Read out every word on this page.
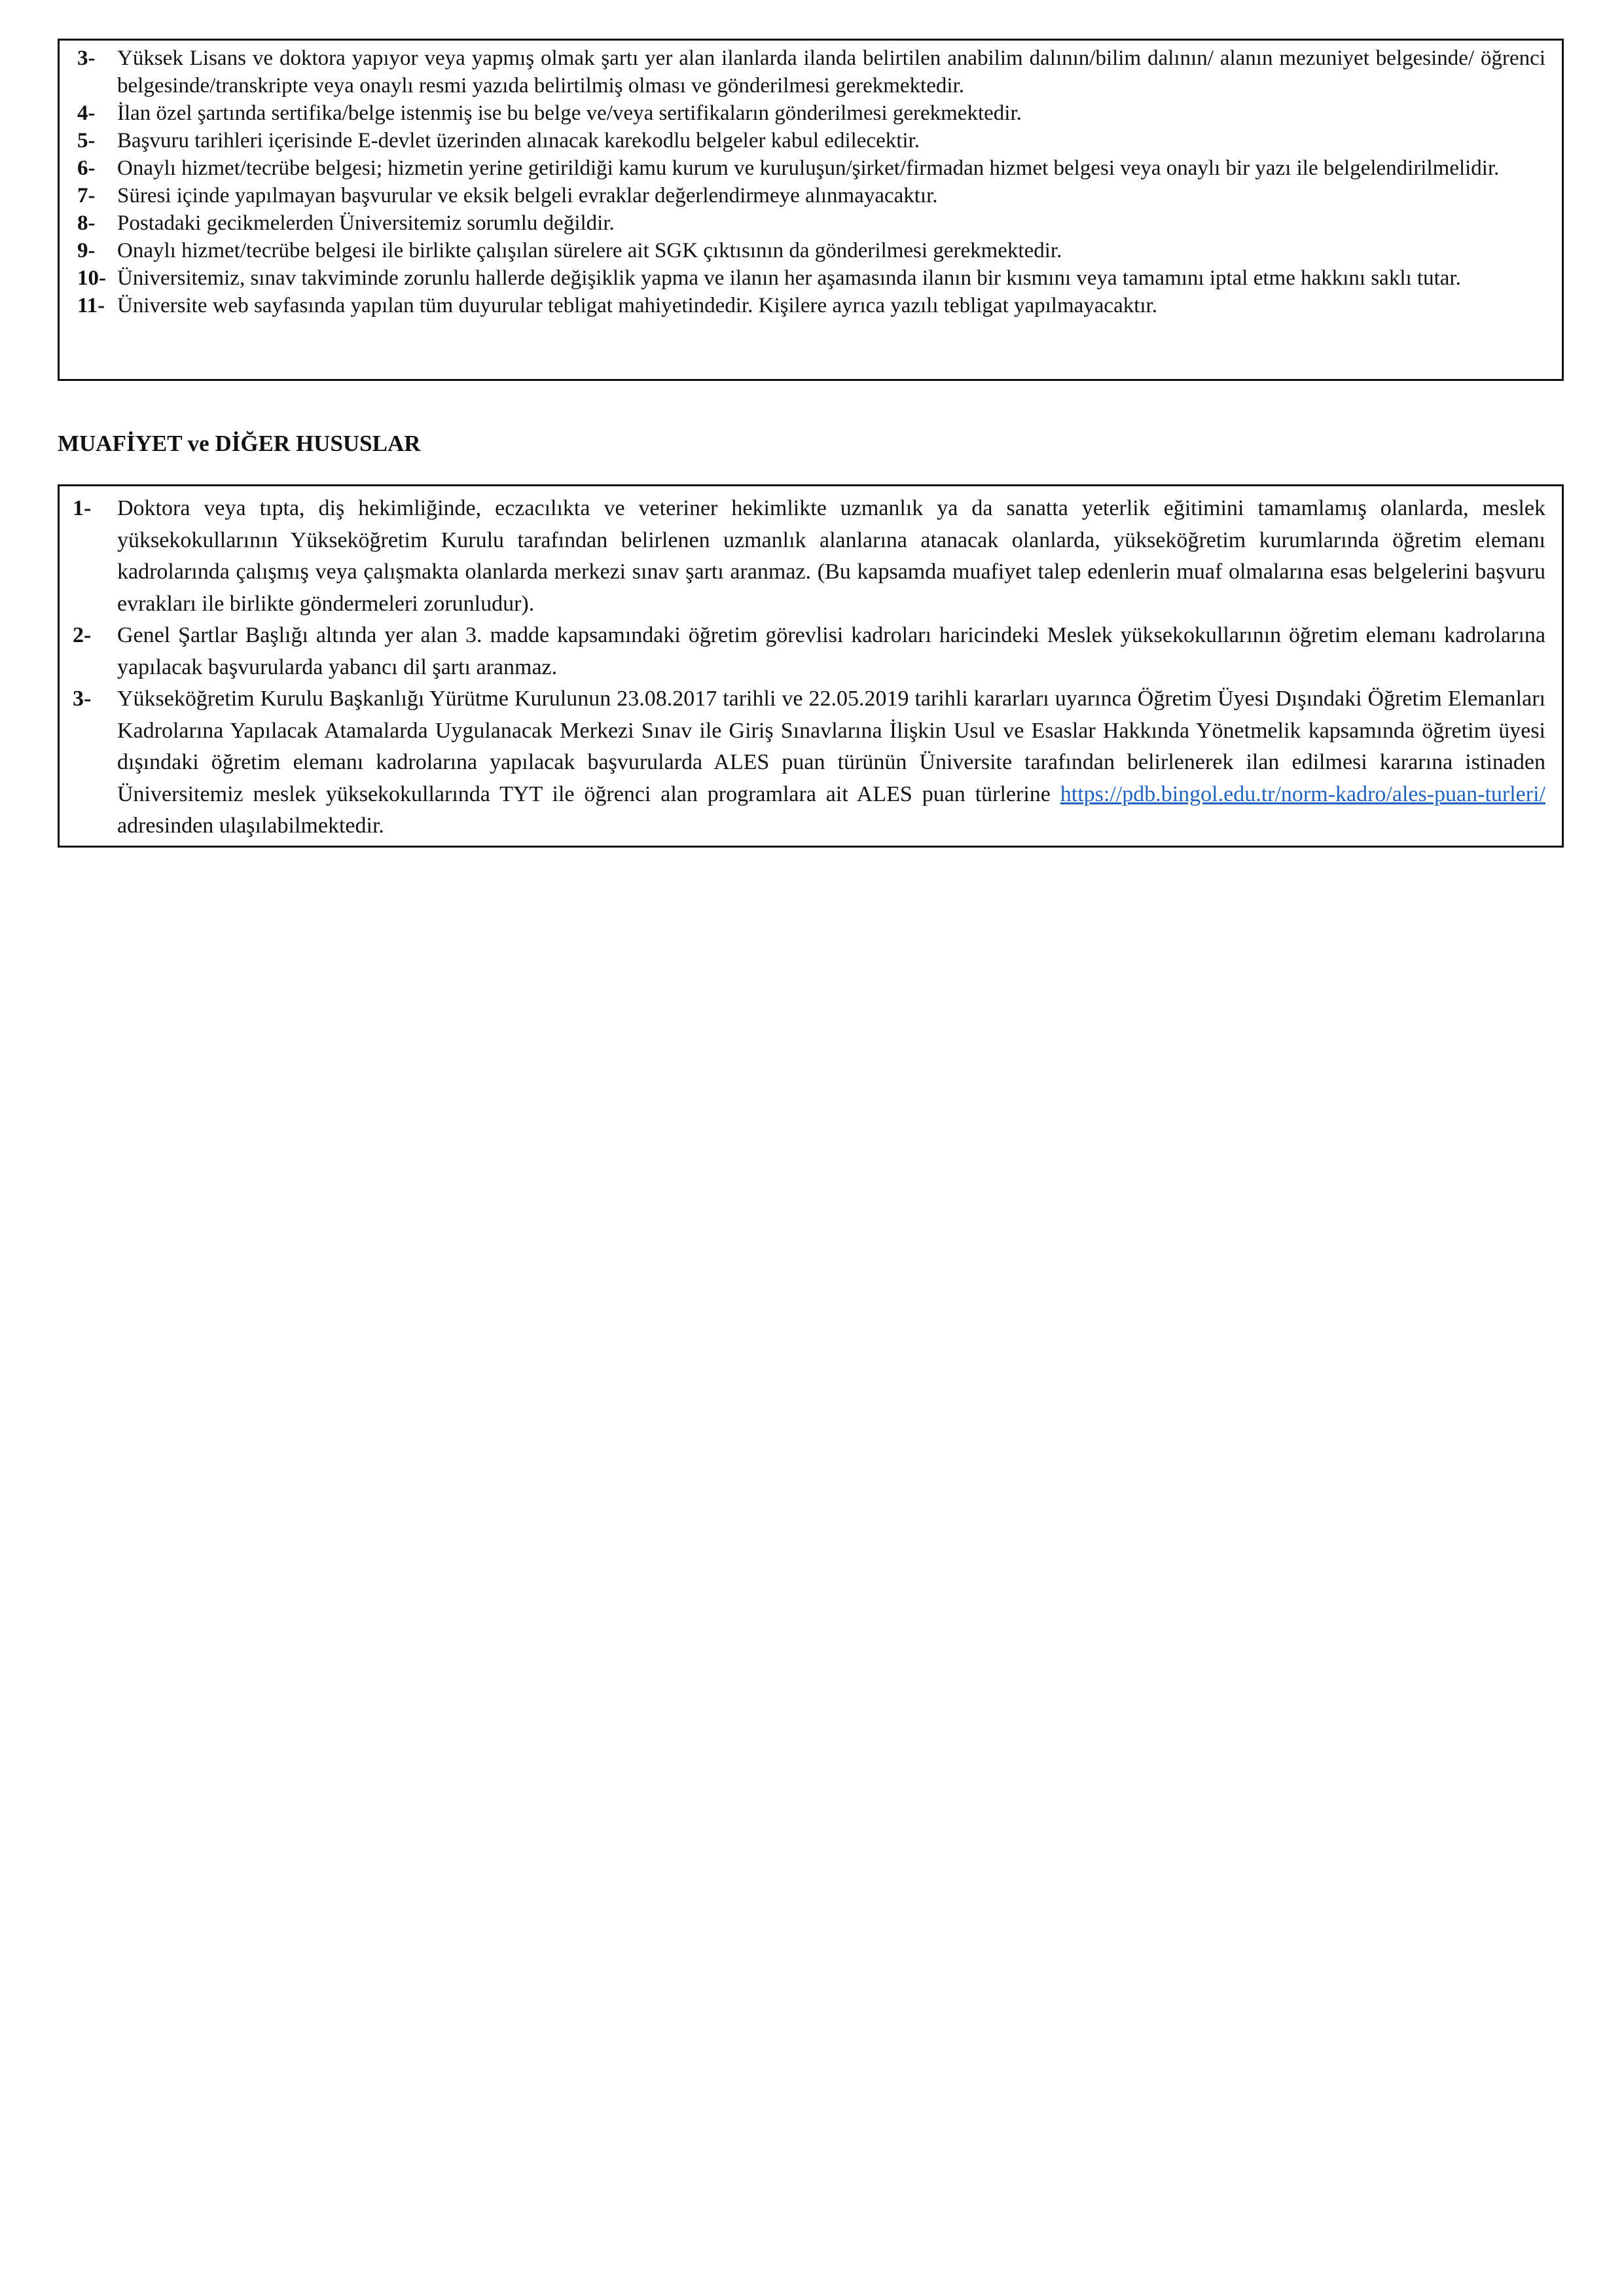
3-	Yüksek Lisans ve doktora yapıyor veya yapmış olmak şartı yer alan ilanlarda ilanda belirtilen anabilim dalının/bilim dalının/ alanın mezuniyet belgesinde/ öğrenci belgesinde/transkripte veya onaylı resmi yazıda belirtilmiş olması ve gönderilmesi gerekmektedir.
4-	İlan özel şartında sertifika/belge istenmiş ise bu belge ve/veya sertifikaların gönderilmesi gerekmektedir.
5-	Başvuru tarihleri içerisinde E-devlet üzerinden alınacak karekodlu belgeler kabul edilecektir.
6-	Onaylı hizmet/tecrübe belgesi; hizmetin yerine getirildiği kamu kurum ve kuruluşun/şirket/firmadan hizmet belgesi veya onaylı bir yazı ile belgelendirilmelidir.
7-	Süresi içinde yapılmayan başvurular ve eksik belgeli evraklar değerlendirmeye alınmayacaktır.
8-	Postadaki gecikmelerden Üniversitemiz sorumlu değildir.
9-	Onaylı hizmet/tecrübe belgesi ile birlikte çalışılan sürelere ait SGK çıktısının da gönderilmesi gerekmektedir.
10- Üniversitemiz, sınav takviminde zorunlu hallerde değişiklik yapma ve ilanın her aşamasında ilanın bir kısmını veya tamamını iptal etme hakkını saklı tutar.
11- Üniversite web sayfasında yapılan tüm duyurular tebligat mahiyetindedir. Kişilere ayrıca yazılı tebligat yapılmayacaktır.
MUAFİYET ve DİĞER HUSUSLAR
1-	Doktora veya tıpta, diş hekimliğinde, eczacılıkta ve veteriner hekimlikte uzmanlık ya da sanatta yeterlik eğitimini tamamlamış olanlarda, meslek yüksekokullarının Yükseköğretim Kurulu tarafından belirlenen uzmanlık alanlarına atanacak olanlarda, yükseköğretim kurumlarında öğretim elemanı kadrolarında çalışmış veya çalışmakta olanlarda merkezi sınav şartı aranmaz. (Bu kapsamda muafiyet talep edenlerin muaf olmalarına esas belgelerini başvuru evrakları ile birlikte göndermeleri zorunludur).
2-	Genel Şartlar Başlığı altında yer alan 3. madde kapsamındaki öğretim görevlisi kadroları haricindeki Meslek yüksekokullarının öğretim elemanı kadrolarına yapılacak başvurularda yabancı dil şartı aranmaz.
3-	Yükseköğretim Kurulu Başkanlığı Yürütme Kurulunun 23.08.2017 tarihli ve 22.05.2019 tarihli kararları uyarınca Öğretim Üyesi Dışındaki Öğretim Elemanları Kadrolarına Yapılacak Atamalarda Uygulanacak Merkezi Sınav ile Giriş Sınavlarına İlişkin Usul ve Esaslar Hakkında Yönetmelik kapsamında öğretim üyesi dışındaki öğretim elemanı kadrolarına yapılacak başvurularda ALES puan türünün Üniversite tarafından belirlenerek ilan edilmesi kararına istinaden Üniversitemiz meslek yüksekokullarında TYT ile öğrenci alan programlara ait ALES puan türlerine https://pdb.bingol.edu.tr/norm-kadro/ales-puan-turleri/ adresinden ulaşılabilmektedir.
